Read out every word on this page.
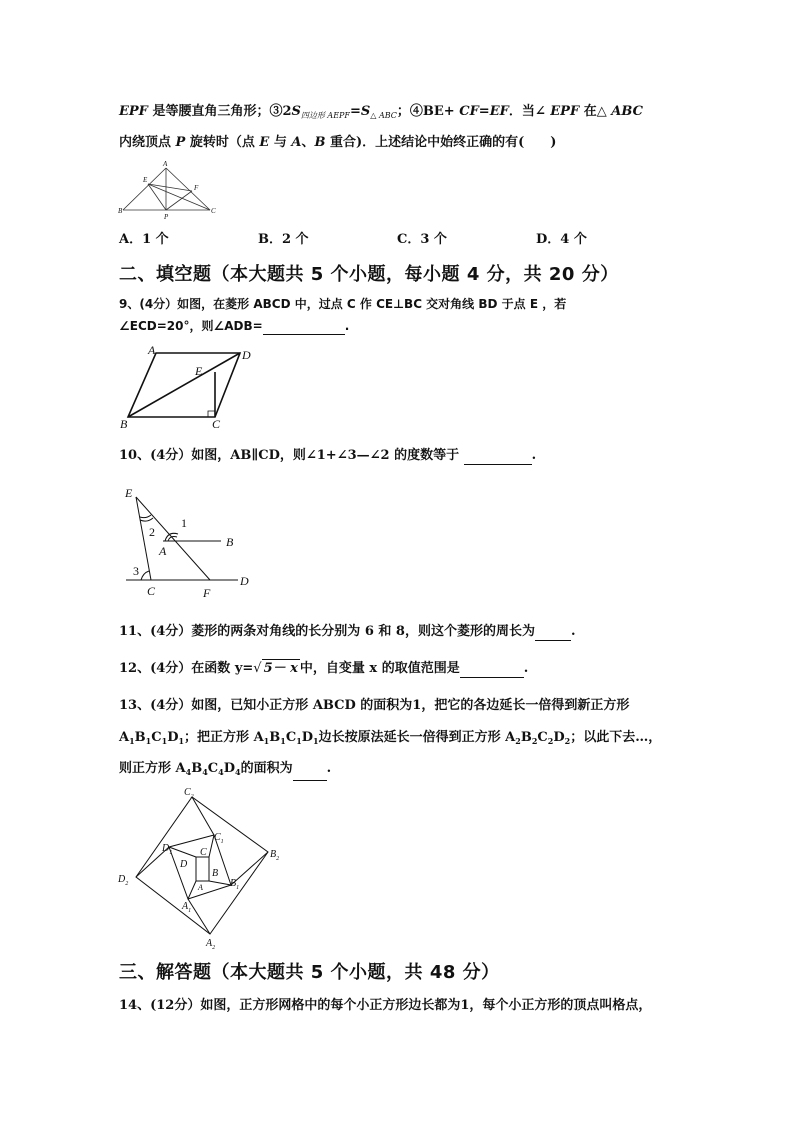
EPF 是等腰直角三角形；$③2S_{四边形 AEPF}=S_{\triangle ABC}$；④BE+ CF=EF．当∠ EPF 在△ ABC
内绕顶点 P 旋转时（点 E 与 A、B 重合)．上述结论中始终正确的有(　　)
A
E
F
B
P
C
A．1 个	B．2 个	C．3 个	D．4 个
二、填空题（本大题共 5 个小题，每小题 4 分，共 20 分）
9、(4分）如图，在菱形 ABCD 中，过点 C 作 CE⊥BC 交对角线 BD 于点 E ，若
∠ECD=20°，则∠ADB=	.
A	D
E
B	C
10、(4分）如图，AB∥CD，则∠1+∠3—∠2 的度数等于	.
E
1
2
A
B
3
C	F
D
11、(4分）菱形的两条对角线的长分别为 6 和 8，则这个菱形的周长为	.
12、(4分）在函数 y=√ 5－ x 中，自变量 x 的取值范围是	.
13、(4分）如图，已知小正方形 ABCD 的面积为1，把它的各边延长一倍得到新正方形
$A_1B_1C_1D_1$；把正方形 $A_1B_1C_1D_1$边长按原法延长一倍得到正方形 $A_2B_2C_2D_2$；以此下去…，
则正方形 $A_4B_4C_4D_4$的面积为	.
$C_2$
$D_1$
$C_1$
C
D
$B_2$
B
$D_2$	A	$B_1$
$A_1$
$A_2$
三、解答题（本大题共 5 个小题，共 48 分）
14、(12分）如图，正方形网格中的每个小正方形边长都为1，每个小正方形的顶点叫格点，
